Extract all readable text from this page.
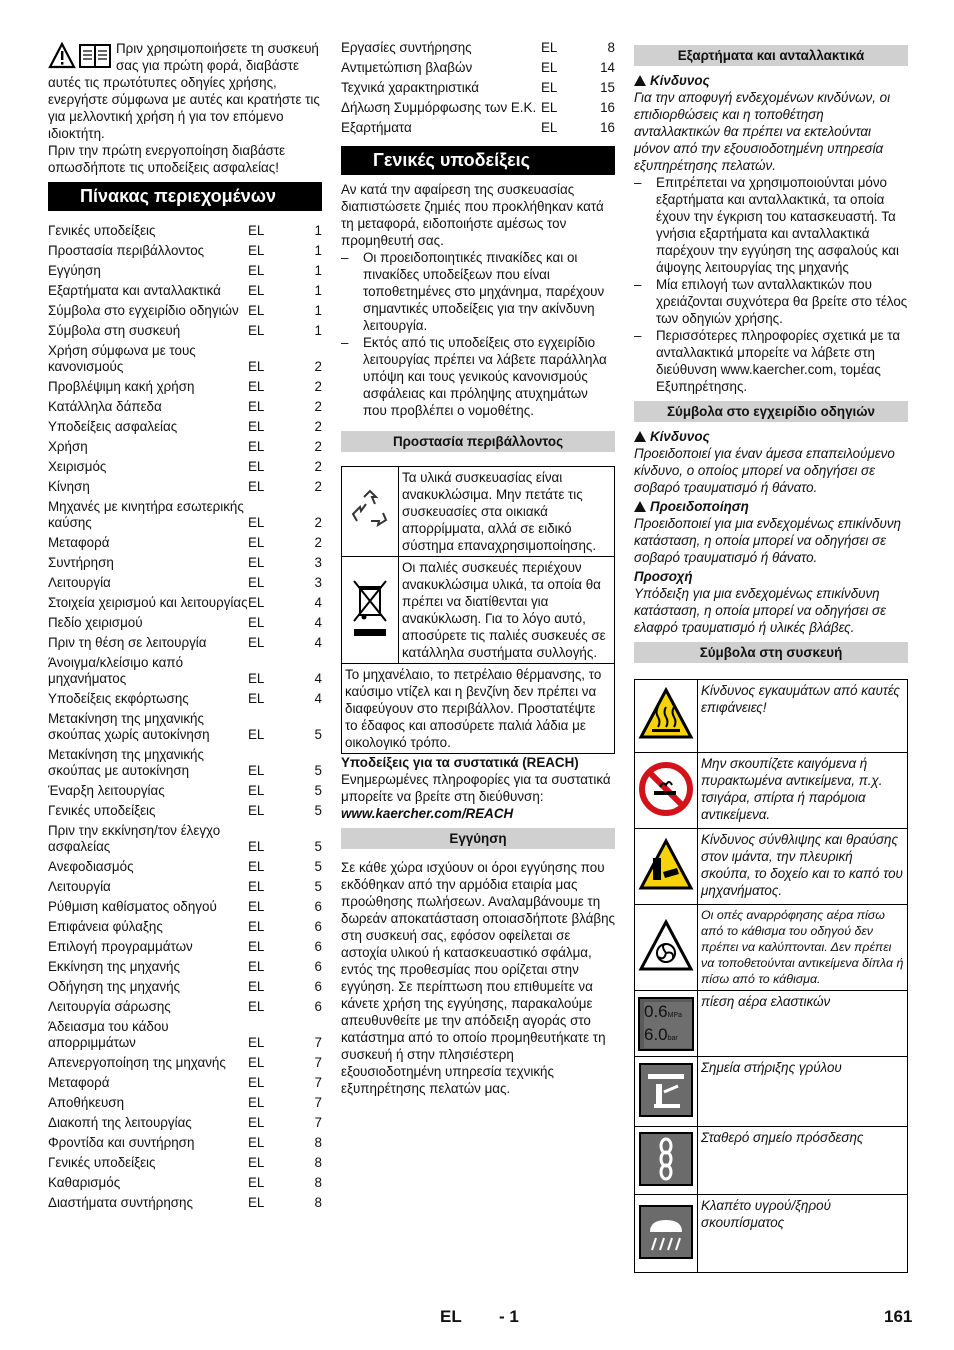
Πριν χρησιμοποιήσετε τη συσκευή σας για πρώτη φορά, διαβάστε αυτές τις πρωτότυπες οδηγίες χρήσης, ενεργήστε σύμφωνα με αυτές και κρατήστε τις για μελλοντική χρήση ή για τον επόμενο ιδιοκτήτη.

Πριν την πρώτη ενεργοποίηση διαβάστε οπωσδήποτε τις υποδείξεις ασφαλείας!

Πίνακας περιεχομένων
Γενικές υποδείξεις	EL	1
Προστασία περιβάλλοντος	EL	1
Εγγύηση	EL	1
Εξαρτήματα και ανταλλακτικά	EL	1
Σύμβολα στο εγχειρίδιο οδηγιών	EL	1
Σύμβολα στη συσκευή	EL	1
Χρήση σύμφωνα με τους κανονισμούς	EL	2
Προβλέψιμη κακή χρήση	EL	2
Κατάλληλα δάπεδα	EL	2
Υποδείξεις ασφαλείας	EL	2
Χρήση	EL	2
Χειρισμός	EL	2
Κίνηση	EL	2
Μηχανές με κινητήρα εσωτερικής καύσης	EL	2
Μεταφορά	EL	2
Συντήρηση	EL	3
Λειτουργία	EL	3
Στοιχεία χειρισμού και λειτουργίας	EL	4
Πεδίο χειρισμού	EL	4
Πριν τη θέση σε λειτουργία	EL	4
Άνοιγμα/κλείσιμο καπό μηχανήματος	EL	4
Υποδείξεις εκφόρτωσης	EL	4
Μετακίνηση της μηχανικής σκούπας χωρίς αυτοκίνηση	EL	5
Μετακίνηση της μηχανικής σκούπας με αυτοκίνηση	EL	5
Έναρξη λειτουργίας	EL	5
Γενικές υποδείξεις	EL	5
Πριν την εκκίνηση/τον έλεγχο ασφαλείας	EL	5
Ανεφοδιασμός	EL	5
Λειτουργία	EL	5
Ρύθμιση καθίσματος οδηγού	EL	6
Επιφάνεια φύλαξης	EL	6
Επιλογή προγραμμάτων	EL	6
Εκκίνηση της μηχανής	EL	6
Οδήγηση της μηχανής	EL	6
Λειτουργία σάρωσης	EL	6
Άδειασμα του κάδου απορριμμάτων	EL	7
Απενεργοποίηση της μηχανής	EL	7
Μεταφορά	EL	7
Αποθήκευση	EL	7
Διακοπή της λειτουργίας	EL	7
Φροντίδα και συντήρηση	EL	8
Γενικές υποδείξεις	EL	8
Καθαρισμός	EL	8
Διαστήματα συντήρησης	EL	8
Εργασίες συντήρησης	EL	8
Αντιμετώπιση βλαβών	EL	14
Τεχνικά χαρακτηριστικά	EL	15
Δήλωση Συμμόρφωσης των Ε.Κ.	EL	16
Εξαρτήματα	EL	16
Γενικές υποδείξεις

Αν κατά την αφαίρεση της συσκευασίας διαπιστώσετε ζημιές που προκλήθηκαν κατά τη μεταφορά, ειδοποιήστε αμέσως τον προμηθευτή σας.

– Οι προειδοποιητικές πινακίδες και οι πινακίδες υποδείξεων που είναι τοποθετημένες στο μηχάνημα, παρέχουν σημαντικές υποδείξεις για την ακίνδυνη λειτουργία.
– Εκτός από τις υποδείξεις στο εγχειρίδιο λειτουργίας πρέπει να λάβετε παράλληλα υπόψη και τους γενικούς κανονισμούς ασφάλειας και πρόληψης ατυχημάτων που προβλέπει ο νομοθέτης.
Προστασία περιβάλλοντος
	Τα υλικά συσκευασίας είναι ανακυκλώσιμα. Μην πετάτε τις συσκευασίες στα οικιακά απορρίμματα, αλλά σε ειδικό σύστημα επαναχρησιμοποίησης.
	Οι παλιές συσκευές περιέχουν ανακυκλώσιμα υλικά, τα οποία θα πρέπει να διατίθενται για ανακύκλωση. Για το λόγο αυτό, αποσύρετε τις παλιές συσκευές σε κατάλληλα συστήματα συλλογής.
Το μηχανέλαιο, το πετρέλαιο θέρμανσης, το καύσιμο ντίζελ και η βενζίνη δεν πρέπει να διαφεύγουν στο περιβάλλον. Προστατέψτε το έδαφος και αποσύρετε παλιά λάδια με οικολογικό τρόπο.	

Υποδείξεις για τα συστατικά (REACH)

Ενημερωμένες πληροφορίες για τα συστατικά μπορείτε να βρείτε στη διεύθυνση:

www.kaercher.com/REACH

Εγγύηση

Σε κάθε χώρα ισχύουν οι όροι εγγύησης που εκδόθηκαν από την αρμόδια εταιρία μας προώθησης πωλήσεων. Αναλαμβάνουμε τη δωρεάν αποκατάσταση οποιασδήποτε βλάβης στη συσκευή σας, εφόσον οφείλεται σε αστοχία υλικού ή κατασκευαστικό σφάλμα, εντός της προθεσμίας που ορίζεται στην εγγύηση. Σε περίπτωση που επιθυμείτε να κάνετε χρήση της εγγύησης, παρακαλούμε απευθυνθείτε με την απόδειξη αγοράς στο κατάστημα από το οποίο προμηθευτήκατε τη συσκευή ή στην πλησιέστερη εξουσιοδοτημένη υπηρεσία τεχνικής εξυπηρέτησης πελατών μας.

Εξαρτήματα και ανταλλακτικά

Κίνδυνος

Για την αποφυγή ενδεχομένων κινδύνων, οι επιδιορθώσεις και η τοποθέτηση ανταλλακτικών θα πρέπει να εκτελούνται μόνον από την εξουσιοδοτημένη υπηρεσία εξυπηρέτησης πελατών.

– Επιτρέπεται να χρησιμοποιούνται μόνο εξαρτήματα και ανταλλακτικά, τα οποία έχουν την έγκριση του κατασκευαστή. Τα γνήσια εξαρτήματα και ανταλλακτικά παρέχουν την εγγύηση της ασφαλούς και άψογης λειτουργίας της μηχανής
– Μία επιλογή των ανταλλακτικών που χρειάζονται συχνότερα θα βρείτε στο τέλος των οδηγιών χρήσης.
– Περισσότερες πληροφορίες σχετικά με τα ανταλλακτικά μπορείτε να λάβετε στη διεύθυνση www.kaercher.com, τομέας Εξυπηρέτησης.
Σύμβολα στο εγχειρίδιο οδηγιών

Κίνδυνος

Προειδοποιεί για έναν άμεσα επαπειλούμενο κίνδυνο, ο οποίος μπορεί να οδηγήσει σε σοβαρό τραυματισμό ή θάνατο.

Προειδοποίηση

Προειδοποιεί για μια ενδεχομένως επικίνδυνη κατάσταση, η οποία μπορεί να οδηγήσει σε σοβαρό τραυματισμό ή θάνατο.

Προσοχή

Υπόδειξη για μια ενδεχομένως επικίνδυνη κατάσταση, η οποία μπορεί να οδηγήσει σε ελαφρό τραυματισμό ή υλικές βλάβες.

Σύμβολα στη συσκευή
	Κίνδυνος εγκαυμάτων από καυτές επιφάνειες!
	Μην σκουπίζετε καιγόμενα ή πυρακτωμένα αντικείμενα, π.χ. τσιγάρα, σπίρτα ή παρόμοια αντικείμενα.
	Κίνδυνος σύνθλιψης και θραύσης στον ιμάντα, την πλευρική σκούπα, το δοχείο και το καπό του μηχανήματος.
	Οι οπές αναρρόφησης αέρα πίσω από το κάθισμα του οδηγού δεν πρέπει να καλύπτονται. Δεν πρέπει να τοποθετούνται αντικείμενα δίπλα ή πίσω από το κάθισμα.

0.6MPa
6.0bar	πίεση αέρα ελαστικών
	Σημεία στήριξης γρύλου
	Σταθερό σημείο πρόσδεσης
	Κλαπέτο υγρού/ξηρού σκουπίσματος
EL - 1	161
